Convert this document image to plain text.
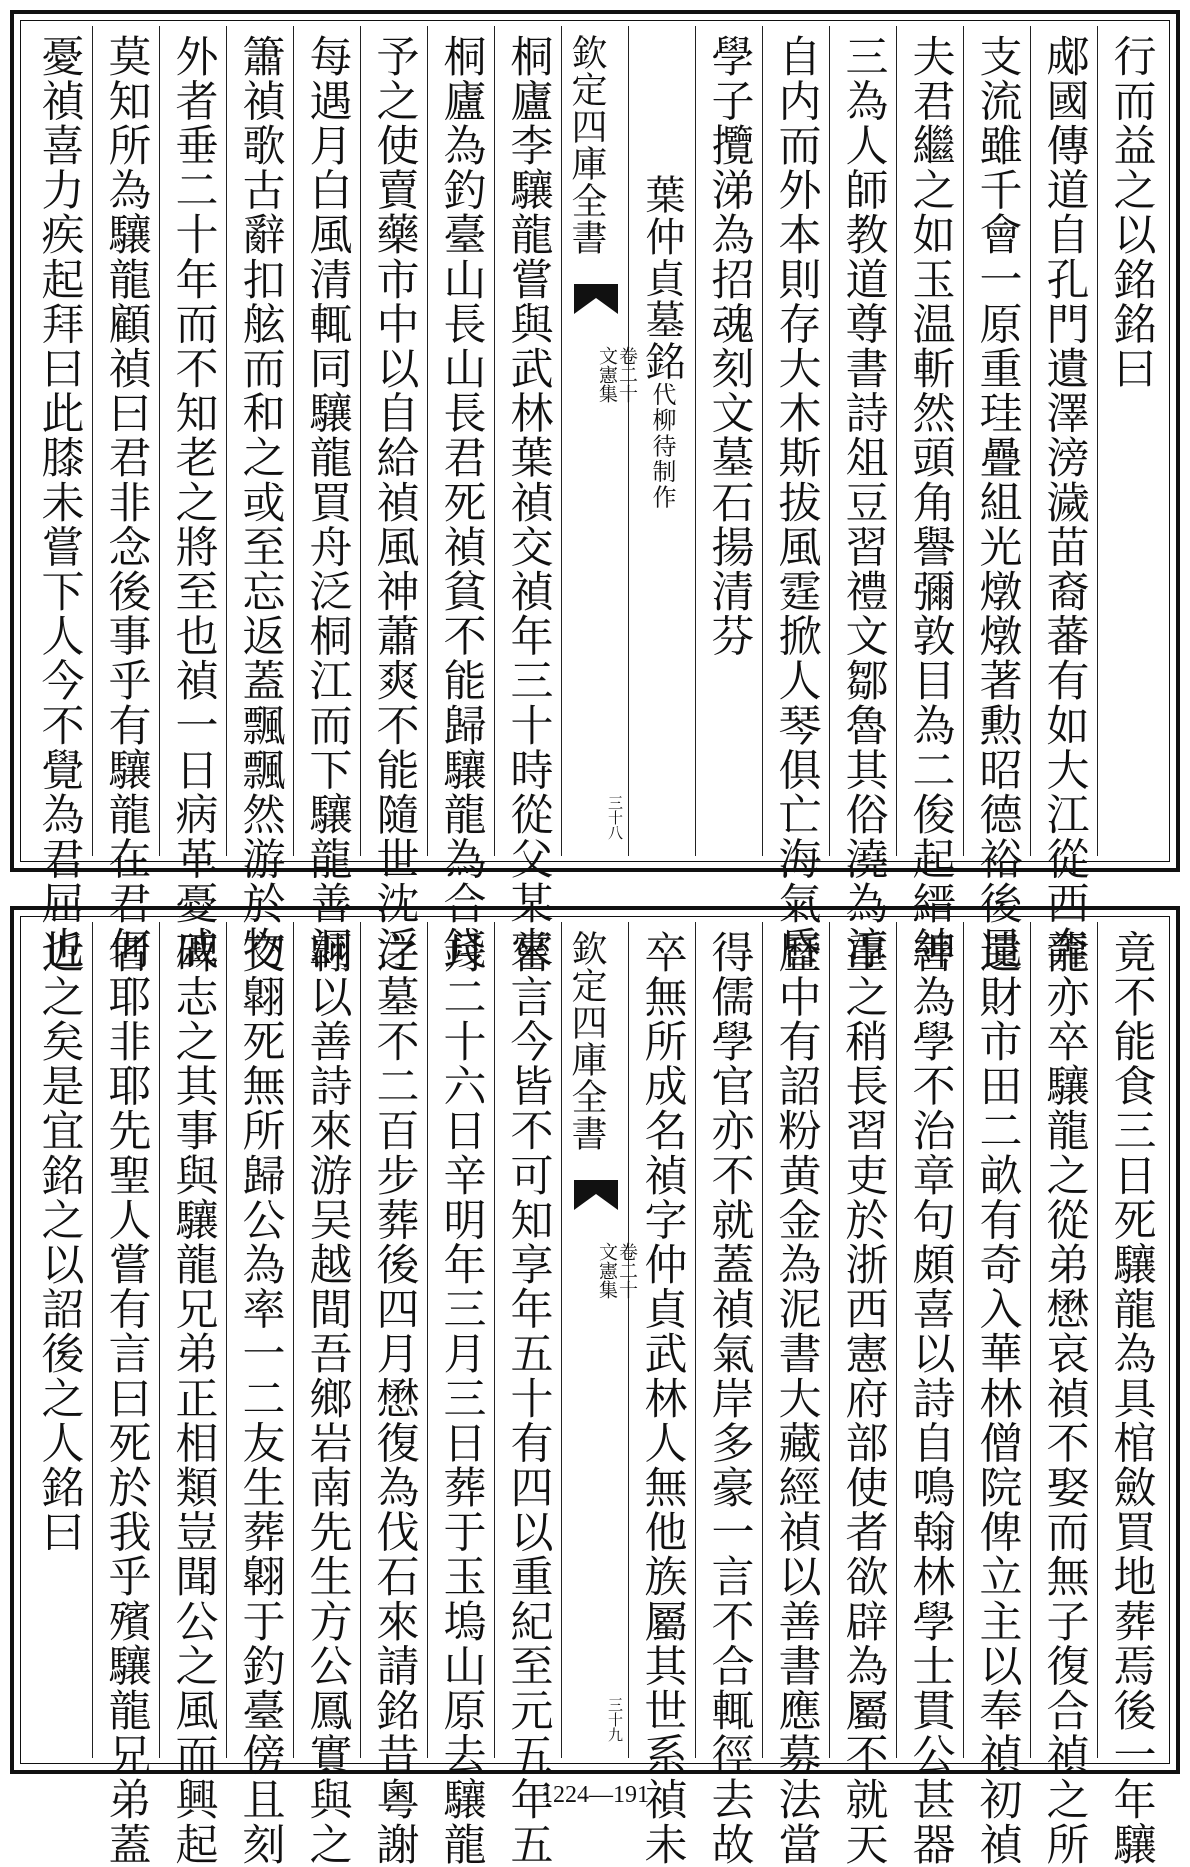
行而益之以銘銘曰
郕國傳道自孔門遺澤滂濊苗裔蕃有如大江從西奔
支流雖千會一原重珪疊組光燉燉著勲昭德裕後昆
夫君繼之如玉温斬然頭角譽彌敦目為二俊起縉紳
三為人師教道尊書詩俎豆習禮文鄒魯其俗澆為淳
自内而外本則存大木斯拔風霆掀人琴俱亡海氣昏
學子攬涕為招魂刻文墓石揚清芬
葉仲貞墓銘代柳待制作
欽定四庫全書
文憲集
卷二十
三十八
桐廬李驤龍嘗與武林葉禎交禎年三十時從父某來
桐廬為釣臺山長山長君死禎貧不能歸驤龍為合錢
予之使賣藥市中以自給禎風神蕭爽不能隨世沈浮
每遇月白風清輒同驤龍買舟泛桐江而下驤龍善洞
簫禎歌古辭扣舷而和之或至忘返蓋飄飄然游於物
外者垂二十年而不知老之將至也禎一日病革憂戚
莫知所為驤龍顧禎曰君非念後事乎有驤龍在君何
憂禎喜力疾起拜曰此膝未嘗下人今不覺為君屈也
竟不能食三日死驤龍為具棺斂買地葬焉後一年驤
龍亦卒驤龍之從弟懋哀禎不娶而無子復合禎之所
遺財市田二畝有奇入華林僧院俾立主以奉禎初禎
善為學不治章句頗喜以詩自鳴翰林學士貫公甚器
重之稍長習吏於浙西憲府部使者欲辟為屬不就天
歷中有詔粉黄金為泥書大藏經禎以善書應募法當
得儒學官亦不就蓋禎氣岸多豪一言不合輒徑去故
卒無所成名禎字仲貞武林人無他族屬其世系禎未
欽定四庫全書
文憲集
卷二十
三十九
嘗言今皆不可知享年五十有四以重紀至元五年五
月二十六日辛明年三月三日葬于玉塢山原去驤龍
之墓不二百步葬後四月懋復為伐石來請銘昔粵謝
翺以善詩來游吴越間吾鄉岩南先生方公鳳實與之
交翺死無所歸公為率一二友生葬翺于釣臺傍且刻
碑志之其事與驤龍兄弟正相類豈聞公之風而興起
者耶非耶先聖人嘗有言曰死於我乎殯驤龍兄弟蓋
近之矣是宜銘之以詔後之人銘曰
1224—191
